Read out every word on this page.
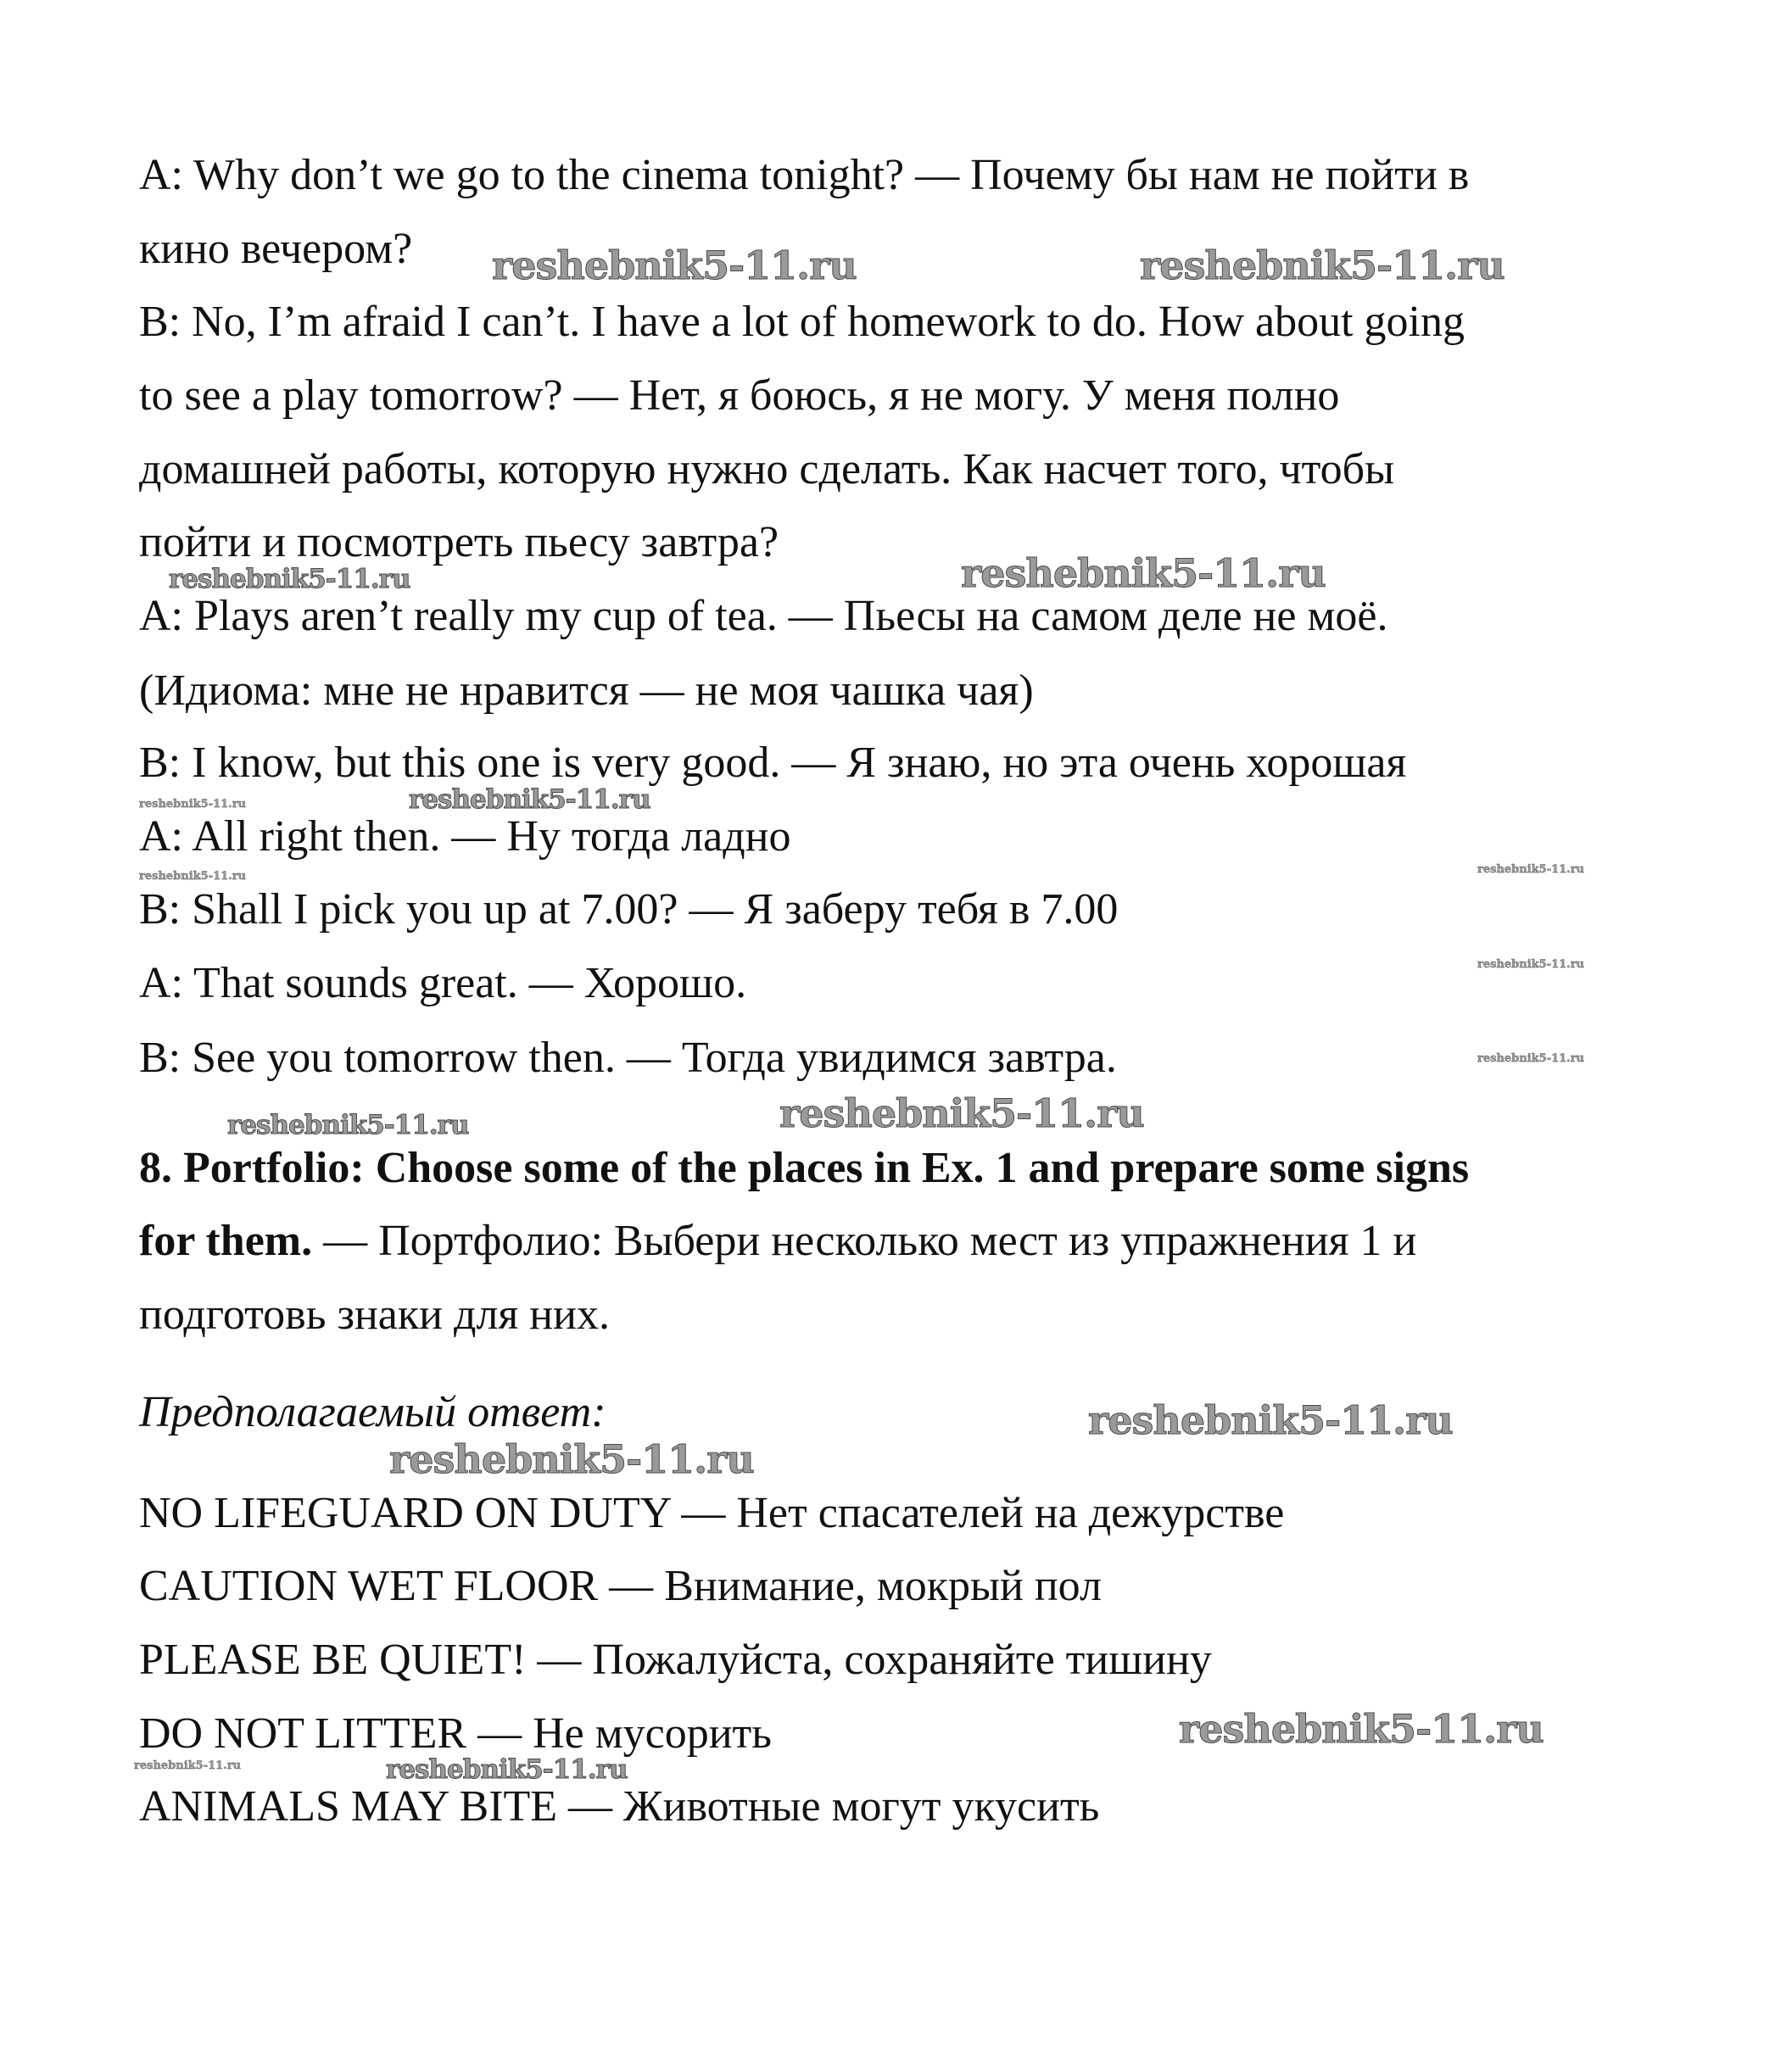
A: Why don’t we go to the cinema tonight? — Почему бы нам не пойти в
кино вечером?
B: No, I’m afraid I can’t. I have a lot of homework to do. How about going
to see a play tomorrow? — Нет, я боюсь, я не могу. У меня полно
домашней работы, которую нужно сделать. Как насчет того, чтобы
пойти и посмотреть пьесу завтра?
A: Plays aren’t really my cup of tea. — Пьесы на самом деле не моё.
(Идиома: мне не нравится — не моя чашка чая)
B: I know, but this one is very good. — Я знаю, но эта очень хорошая
A: All right then. — Ну тогда ладно
B: Shall I pick you up at 7.00? — Я заберу тебя в 7.00
A: That sounds great. — Хорошо.
B: See you tomorrow then. — Тогда увидимся завтра.
8. Portfolio: Choose some of the places in Ex. 1 and prepare some signs
for them. — Портфолио: Выбери несколько мест из упражнения 1 и
подготовь знаки для них.
Предполагаемый ответ:
NO LIFEGUARD ON DUTY — Нет спасателей на дежурстве
CAUTION WET FLOOR — Внимание, мокрый пол
PLEASE BE QUIET! — Пожалуйста, сохраняйте тишину
DO NOT LITTER — Не мусорить
ANIMALS MAY BITE — Животные могут укусить
reshebnik5-11.ru	reshebnik5-11.ru
reshebnik5-11.ru	reshebnik5-11.ru
reshebnik5-11.ru
reshebnik5-11.ru
reshebnik5-11.ru
reshebnik5-11.ru
reshebnik5-11.ru
reshebnik5-11.ru
reshebnik5-11.ru	reshebnik5-11.ru
reshebnik5-11.ru
reshebnik5-11.ru
reshebnik5-11.ru
reshebnik5-11.ru	reshebnik5-11.ru
